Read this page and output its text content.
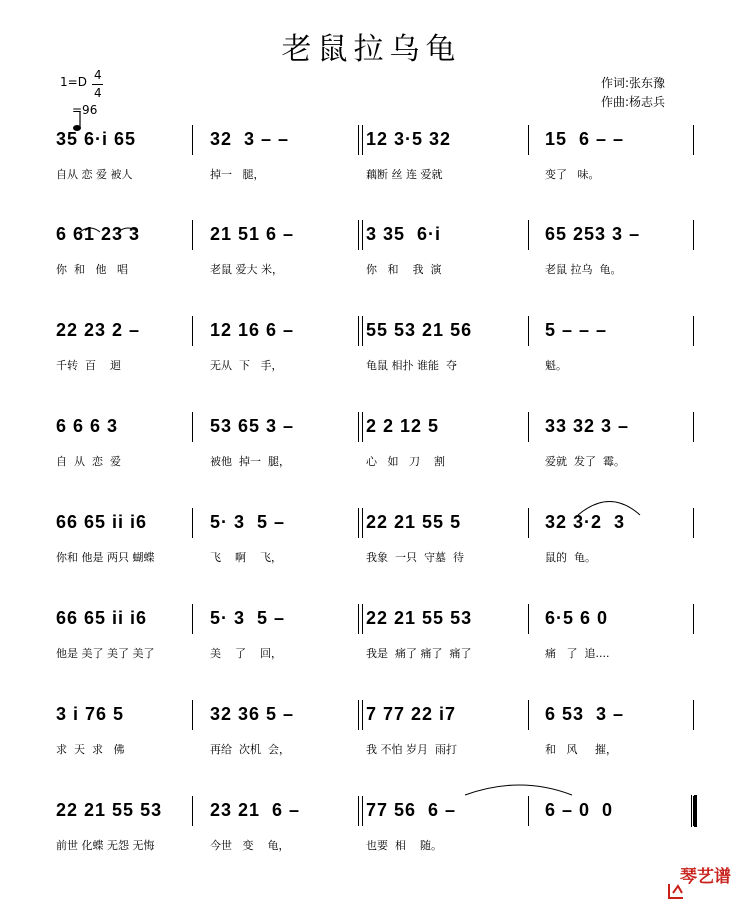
老鼠拉乌龟
1=D 4
4

=96
作词:张东豫
作曲:杨志兵
35 6·i 65
自从 恋 爱 被人
32  3 – –
掉一   腿，
12 3·5 32
藕断 丝 连 爱就
15  6 – –
变了   味。
6 61 23 3
你  和   他   唱
21 51 6 –
老鼠 爱大 米，
3 35  6·i
你   和    我  演
65 253 3 –
老鼠 拉乌  龟。
22 23 2 –
千转  百    迴
12 16 6 –
无从  下   手，
55 53 21 56
龟鼠 相扑 谁能  夺
5 – – –
魁。
6 6 6 3
自  从  恋  爱
53 65 3 –
被他  掉一  腿，
2 2 12 5
心   如   刀    割
33 32 3 –
爱就  发了  霉。
66 65 ii i6
你和 他是 两只 蝴蝶
5· 3  5 –
飞    啊    飞，
22 21 55 5
我象  一只  守墓  待
32 3·2  3
鼠的  龟。
66 65 ii i6
他是 美了 美了 美了
5· 3  5 –
美    了    回，
22 21 55 53
我是  痛了 痛了  痛了
6·5 6 0
痛   了  追....
3 i 76 5
求  天  求   佛
32 36 5 –
再给  次机  会，
7 77 22 i7
我 不怕 岁月  雨打
6 53  3 –
和   风     摧，
22 21 55 53
前世 化蝶 无怨 无悔
23 21  6 –
今世   变    龟，
77 56  6 –
也要  相    随。
6 – 0  0

琴艺谱
